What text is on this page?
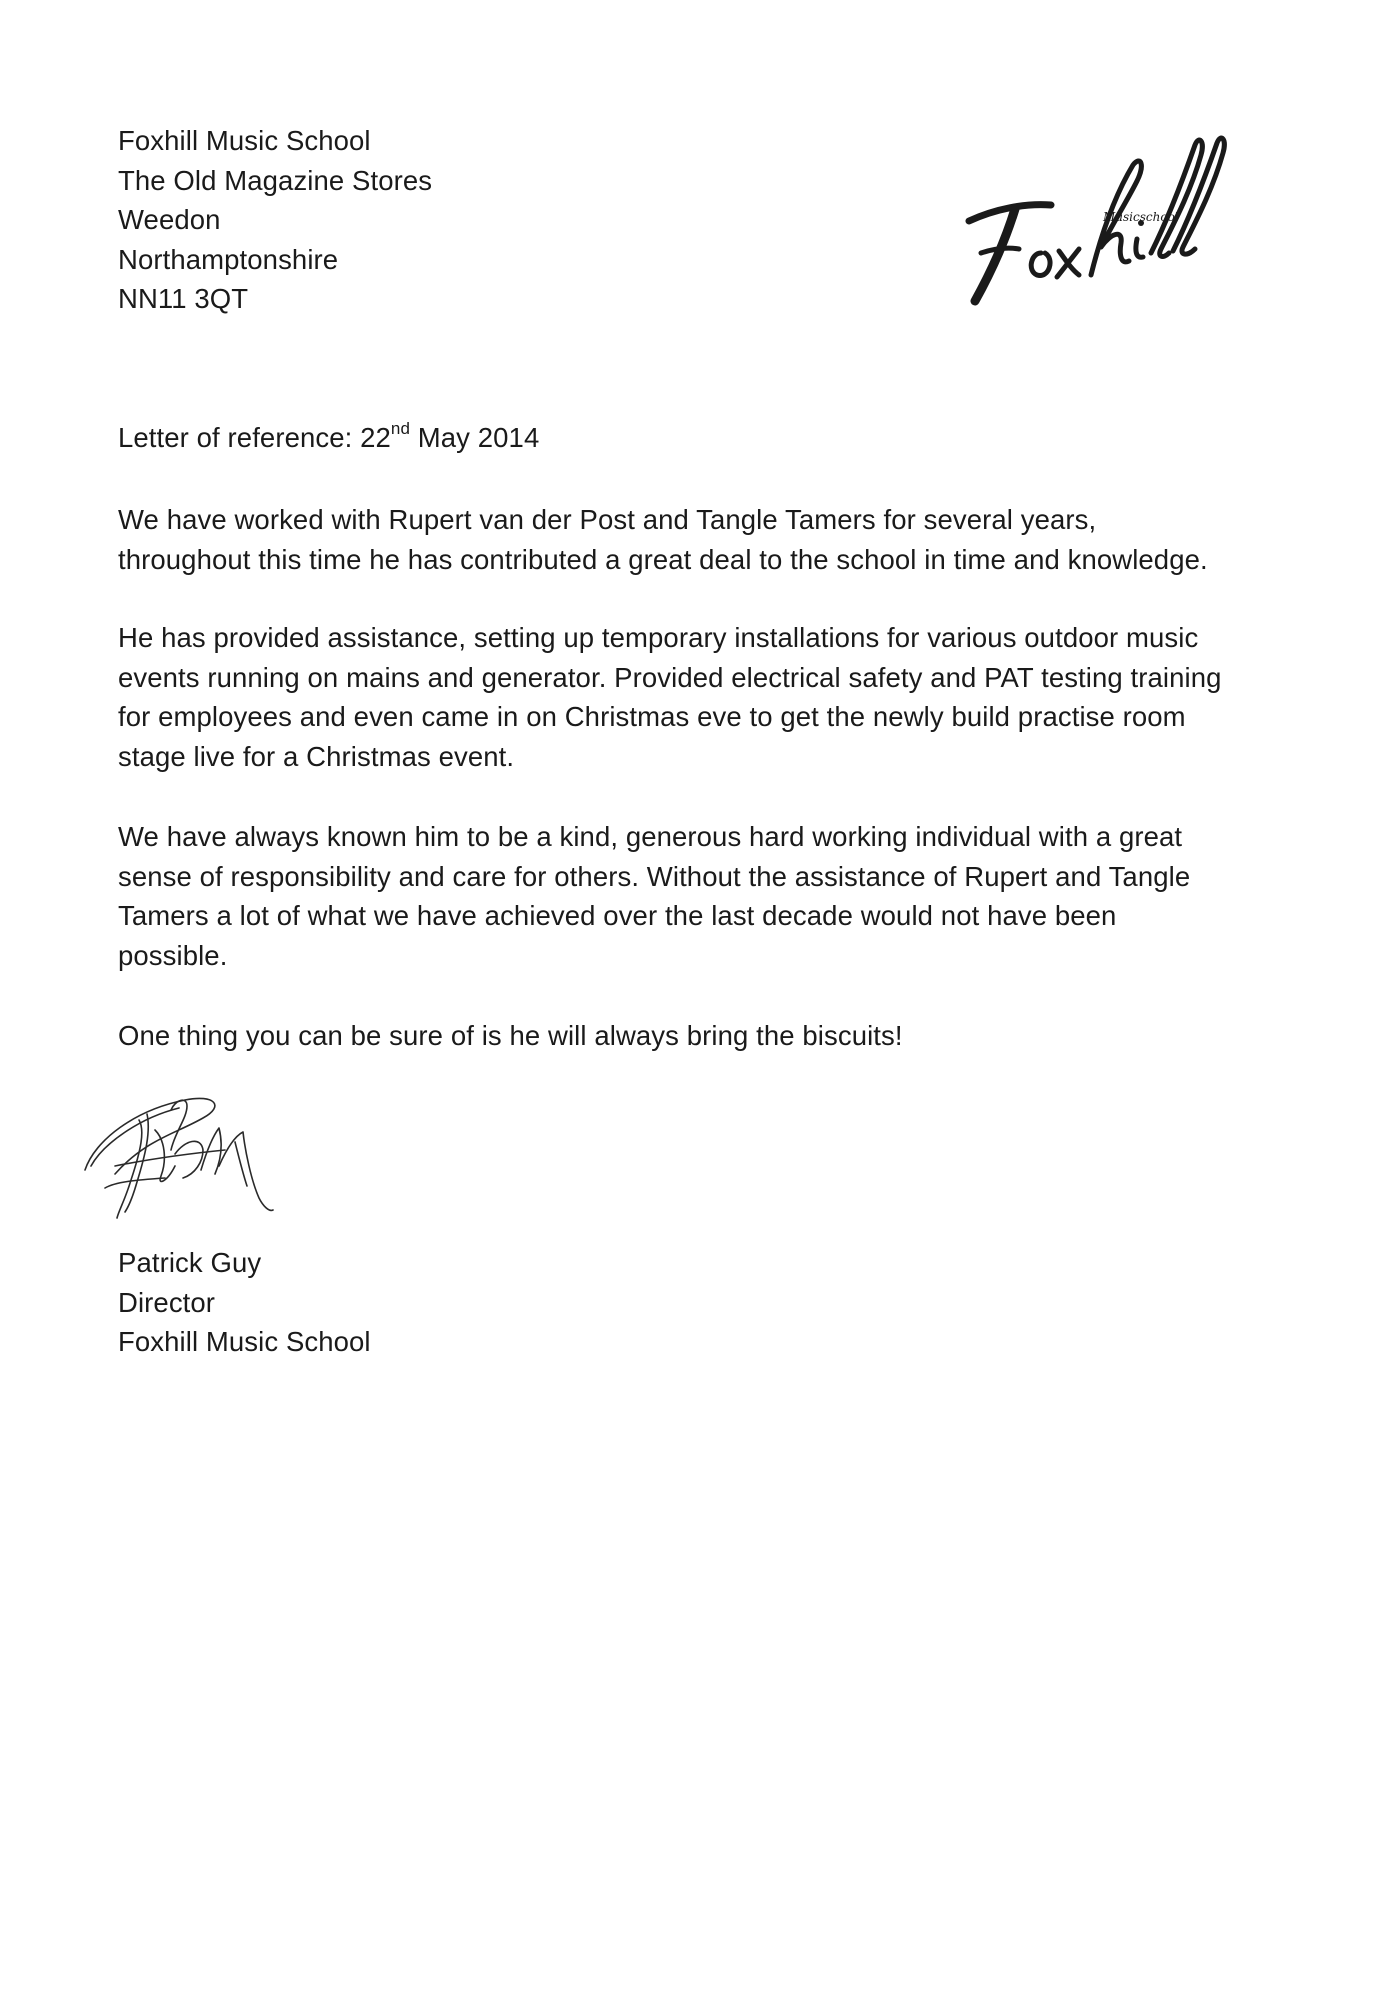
Foxhill Music School
The Old Magazine Stores
Weedon
Northamptonshire
NN11 3QT
Musicschool
Letter of reference: 22nd May 2014
We have worked with Rupert van der Post and Tangle Tamers for several years,
throughout this time he has contributed a great deal to the school in time and knowledge.
He has provided assistance, setting up temporary installations for various outdoor music
events running on mains and generator. Provided electrical safety and PAT testing training
for employees and even came in on Christmas eve to get the newly build practise room
stage live for a Christmas event.
We have always known him to be a kind, generous hard working individual with a great
sense of responsibility and care for others. Without the assistance of Rupert and Tangle
Tamers a lot of what we have achieved over the last decade would not have been
possible.
One thing you can be sure of is he will always bring the biscuits!
Patrick Guy
Director
Foxhill Music School
